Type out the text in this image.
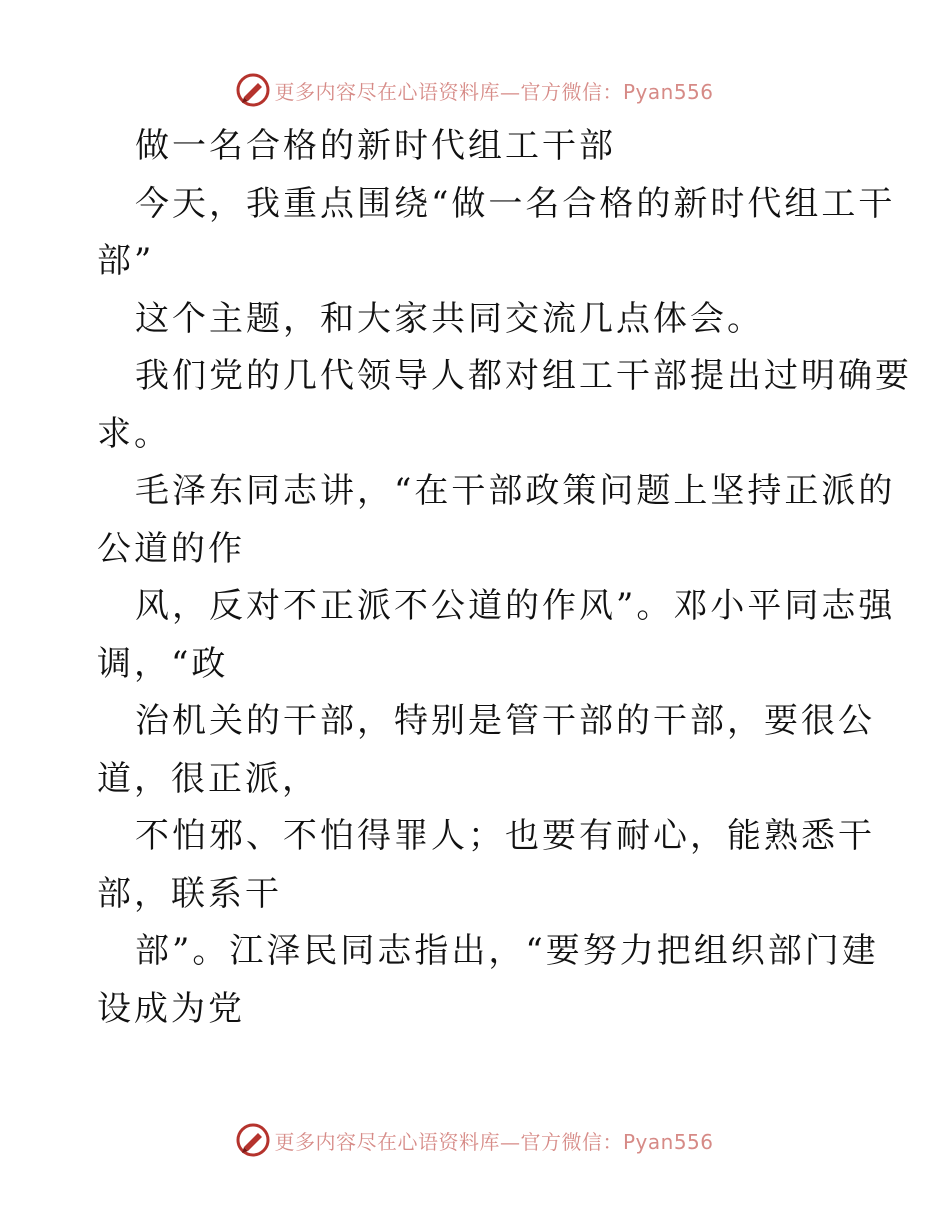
更多内容尽在心语资料库—官方微信：Pyan556
做一名合格的新时代组工干部
今天，我重点围绕“做一名合格的新时代组工干
部”
这个主题，和大家共同交流几点体会。
我们党的几代领导人都对组工干部提出过明确要
求。
毛泽东同志讲，“在干部政策问题上坚持正派的
公道的作
风，反对不正派不公道的作风”。邓小平同志强
调，“政
治机关的干部，特别是管干部的干部，要很公
道，很正派，
不怕邪、不怕得罪人；也要有耐心，能熟悉干
部，联系干
部”。江泽民同志指出，“要努力把组织部门建
设成为党
更多内容尽在心语资料库—官方微信：Pyan556
